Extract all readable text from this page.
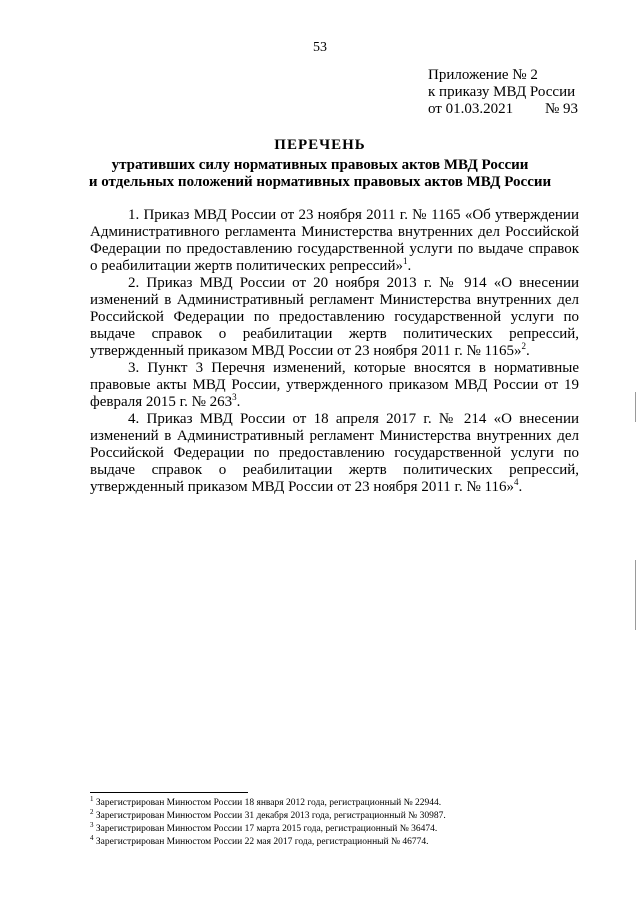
53
Приложение № 2
к приказу МВД России
от 01.03.2021 № 93
ПЕРЕЧЕНЬ
утративших силу нормативных правовых актов МВД России
и отдельных положений нормативных правовых актов МВД России

1. Приказ МВД России от 23 ноября 2011 г. № 1165 «Об утверждении Административного регламента Министерства внутренних дел Российской Федерации по предоставлению государственной услуги по выдаче справок о реабилитации жертв политических репрессий»$^1$.

2. Приказ МВД России от 20 ноября 2013 г. № 914 «О внесении изменений в Административный регламент Министерства внутренних дел Российской Федерации по предоставлению государственной услуги по выдаче справок о реабилитации жертв политических репрессий, утвержденный приказом МВД России от 23 ноября 2011 г. № 1165»$^2$.

3. Пункт 3 Перечня изменений, которые вносятся в нормативные правовые акты МВД России, утвержденного приказом МВД России от 19 февраля 2015 г. № $263^3$.

4. Приказ МВД России от 18 апреля 2017 г. № 214 «О внесении изменений в Административный регламент Министерства внутренних дел Российской Федерации по предоставлению государственной услуги по выдаче справок о реабилитации жертв политических репрессий, утвержденный приказом МВД России от 23 ноября 2011 г. № 116»$^4$.

$^1$ Зарегистрирован Минюстом России 18 января 2012 года, регистрационный № 22944.
$^2$ Зарегистрирован Минюстом России 31 декабря 2013 года, регистрационный № 30987.
$^3$ Зарегистрирован Минюстом России 17 марта 2015 года, регистрационный № 36474.
$^4$ Зарегистрирован Минюстом России 22 мая 2017 года, регистрационный № 46774.
